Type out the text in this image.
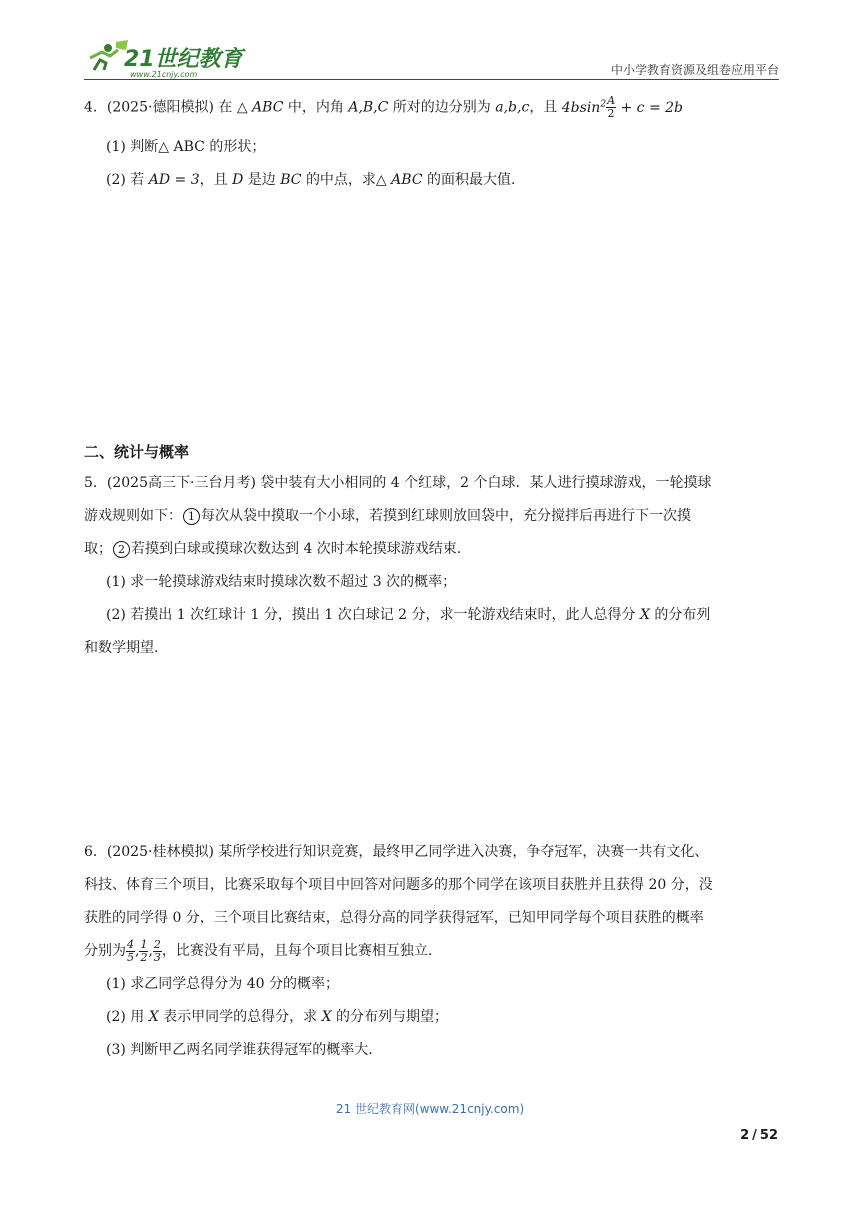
21世纪教育
www.21cnjy.com	中小学教育资源及组卷应用平台
4．(2025·德阳模拟) 在 △ ABC 中，内角 A,B,C 所对的边分别为 a,b,c，且 $4bsin^2 \frac{A}{2} + c = 2b$
(1) 判断△ ABC 的形状；
(2) 若 AD = 3，且 D 是边 BC 的中点，求△ ABC 的面积最大值.
二、统计与概率
5．(2025高三下·三台月考) 袋中装有大小相同的 4 个红球，2 个白球．某人进行摸球游戏，一轮摸球
游戏规则如下： 1 每次从袋中摸取一个小球，若摸到红球则放回袋中，充分搅拌后再进行下一次摸
取； 2 若摸到白球或摸球次数达到 4 次时本轮摸球游戏结束.
(1) 求一轮摸球游戏结束时摸球次数不超过 3 次的概率；
(2) 若摸出 1 次红球计 1 分，摸出 1 次白球记 2 分，求一轮游戏结束时，此人总得分 X 的分布列
和数学期望.
6．(2025·桂林模拟) 某所学校进行知识竞赛，最终甲乙同学进入决赛，争夺冠军，决赛一共有文化、
科技、体育三个项目，比赛采取每个项目中回答对问题多的那个同学在该项目获胜并且获得 20 分，没
获胜的同学得 0 分，三个项目比赛结束，总得分高的同学获得冠军，已知甲同学每个项目获胜的概率
分别为 $\frac{4}{5}$ , $\frac{1}{2}$ , $\frac{2}{3}$ ，比赛没有平局，且每个项目比赛相互独立.
(1) 求乙同学总得分为 40 分的概率；
(2) 用 X 表示甲同学的总得分，求 X 的分布列与期望；
(3) 判断甲乙两名同学谁获得冠军的概率大.
21 世纪教育网(www.21cnjy.com)
2 / 52
